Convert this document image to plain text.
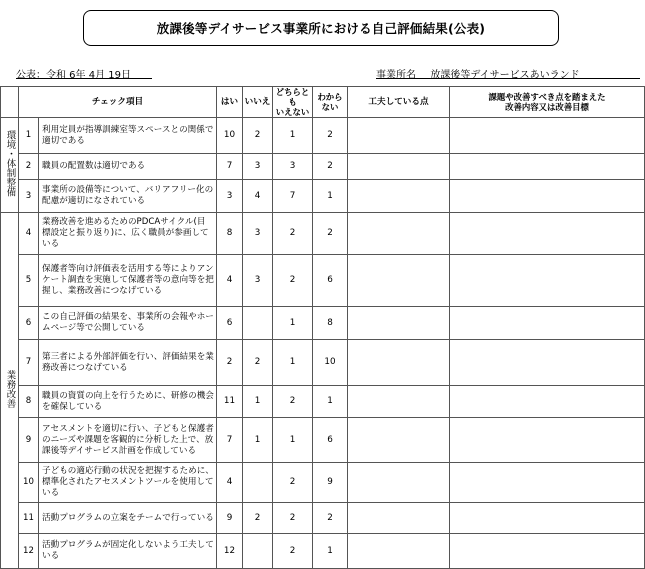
放課後等デイサービス事業所における自己評価結果(公表)
公表：令和 6年 4月 19日	事業所名 放課後等デイサービスあいランド
	チェック項目		はい	いいえ	どちらとも
いえない	わから
ない	工夫している点	課題や改善すべき点を踏まえた
改善内容又は改善目標
環境・体制整備	1	利用定員が指導訓練室等スペースとの関係で適切である	10	2	1	2		
	2	職員の配置数は適切である	7	3	3	2		
	3	事業所の設備等について、バリアフリー化の配慮が適切になされている	3	4	7	1		
業務改善	4	業務改善を進めるためのPDCAサイクル(目標設定と振り返り)に、広く職員が参画している	8	3	2	2		
	5	保護者等向け評価表を活用する等によりアンケート調査を実施して保護者等の意向等を把握し、業務改善につなげている	4	3	2	6		
	6	この自己評価の結果を、事業所の会報やホームページ等で公開している	6		1	8		
	7	第三者による外部評価を行い、評価結果を業務改善につなげている	2	2	1	10		
	8	職員の資質の向上を行うために、研修の機会を確保している	11	1	2	1		
	9	アセスメントを適切に行い、子どもと保護者のニーズや課題を客観的に分析した上で、放課後等デイサービス計画を作成している	7	1	1	6		
	10	子どもの適応行動の状況を把握するために、標準化されたアセスメントツールを使用している	4		2	9		
	11	活動プログラムの立案をチームで行っている	9	2	2	2		
	12	活動プログラムが固定化しないよう工夫している	12		2	1		
